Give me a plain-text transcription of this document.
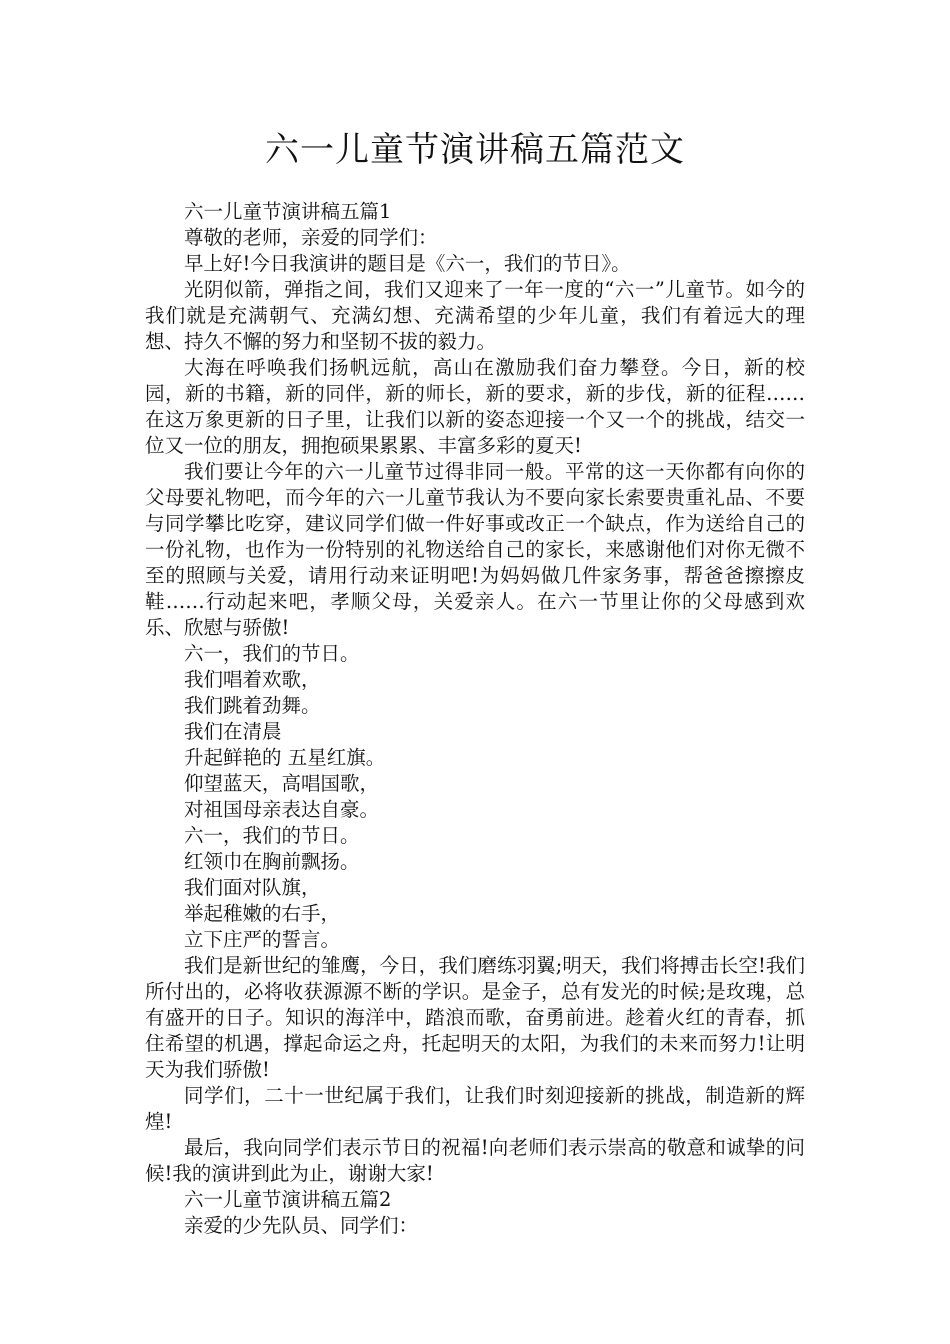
六一儿童节演讲稿五篇范文

六一儿童节演讲稿五篇1

尊敬的老师，亲爱的同学们：

早上好!今日我演讲的题目是《六一，我们的节日》。

光阴似箭，弹指之间，我们又迎来了一年一度的“六一”儿童节。如今的我们就是充满朝气、充满幻想、充满希望的少年儿童，我们有着远大的理想、持久不懈的努力和坚韧不拔的毅力。

大海在呼唤我们扬帆远航，高山在激励我们奋力攀登。今日，新的校园，新的书籍，新的同伴，新的师长，新的要求，新的步伐，新的征程……在这万象更新的日子里，让我们以新的姿态迎接一个又一个的挑战，结交一位又一位的朋友，拥抱硕果累累、丰富多彩的夏天!

我们要让今年的六一儿童节过得非同一般。平常的这一天你都有向你的父母要礼物吧，而今年的六一儿童节我认为不要向家长索要贵重礼品、不要与同学攀比吃穿，建议同学们做一件好事或改正一个缺点，作为送给自己的一份礼物，也作为一份特别的礼物送给自己的家长，来感谢他们对你无微不至的照顾与关爱，请用行动来证明吧!为妈妈做几件家务事，帮爸爸擦擦皮鞋……行动起来吧，孝顺父母，关爱亲人。在六一节里让你的父母感到欢乐、欣慰与骄傲!

六一，我们的节日。

我们唱着欢歌，

我们跳着劲舞。

我们在清晨

升起鲜艳的 五星红旗。

仰望蓝天，高唱国歌，

对祖国母亲表达自豪。

六一，我们的节日。

红领巾在胸前飘扬。

我们面对队旗，

举起稚嫩的右手，

立下庄严的誓言。

我们是新世纪的雏鹰，今日，我们磨练羽翼;明天，我们将搏击长空!我们所付出的，必将收获源源不断的学识。是金子，总有发光的时候;是玫瑰，总有盛开的日子。知识的海洋中，踏浪而歌，奋勇前进。趁着火红的青春，抓住希望的机遇，撑起命运之舟，托起明天的太阳，为我们的未来而努力!让明天为我们骄傲!

同学们，二十一世纪属于我们，让我们时刻迎接新的挑战，制造新的辉煌!

最后，我向同学们表示节日的祝福!向老师们表示崇高的敬意和诚挚的问候!我的演讲到此为止，谢谢大家!

六一儿童节演讲稿五篇2

亲爱的少先队员、同学们：
